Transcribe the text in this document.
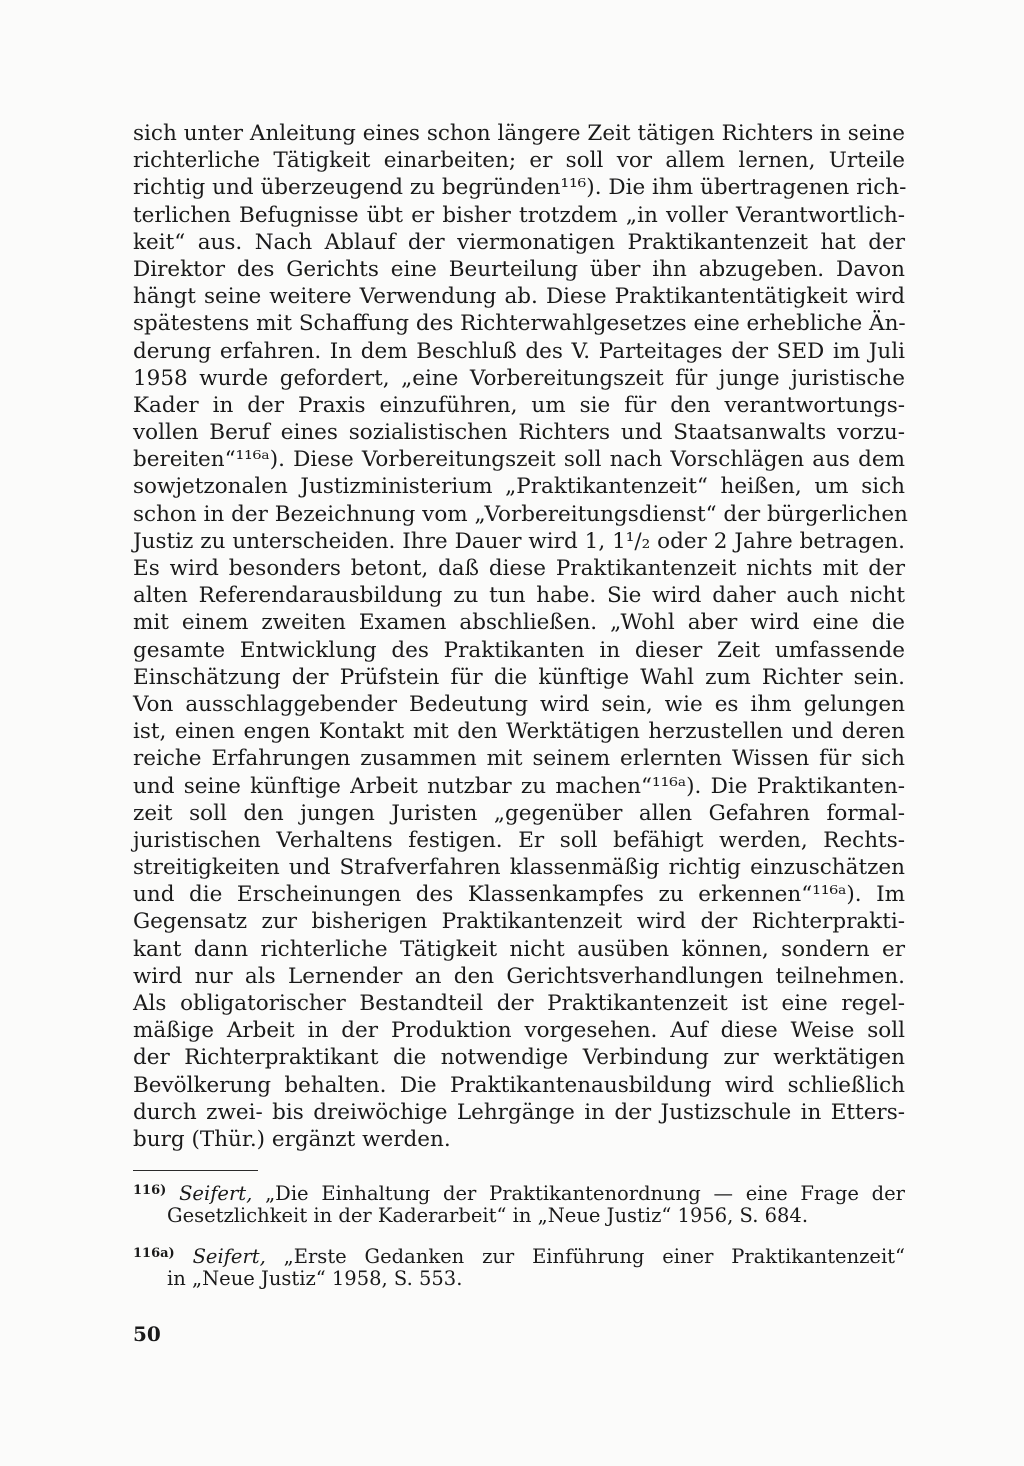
sich unter Anleitung eines schon längere Zeit tätigen Richters in seine
richterliche Tätigkeit einarbeiten; er soll vor allem lernen, Urteile
richtig und überzeugend zu begründen¹¹⁶). Die ihm übertragenen rich-
terlichen Befugnisse übt er bisher trotzdem „in voller Verantwortlich-
keit“ aus. Nach Ablauf der viermonatigen Praktikantenzeit hat der
Direktor des Gerichts eine Beurteilung über ihn abzugeben. Davon
hängt seine weitere Verwendung ab. Diese Praktikantentätigkeit wird
spätestens mit Schaffung des Richterwahlgesetzes eine erhebliche Än-
derung erfahren. In dem Beschluß des V. Parteitages der SED im Juli
1958 wurde gefordert, „eine Vorbereitungszeit für junge juristische
Kader in der Praxis einzuführen, um sie für den verantwortungs-
vollen Beruf eines sozialistischen Richters und Staatsanwalts vorzu-
bereiten“¹¹⁶ᵃ). Diese Vorbereitungszeit soll nach Vorschlägen aus dem
sowjetzonalen Justizministerium „Praktikantenzeit“ heißen, um sich
schon in der Bezeichnung vom „Vorbereitungsdienst“ der bürgerlichen
Justiz zu unterscheiden. Ihre Dauer wird 1, 1¹/₂ oder 2 Jahre betragen.
Es wird besonders betont, daß diese Praktikantenzeit nichts mit der
alten Referendarausbildung zu tun habe. Sie wird daher auch nicht
mit einem zweiten Examen abschließen. „Wohl aber wird eine die
gesamte Entwicklung des Praktikanten in dieser Zeit umfassende
Einschätzung der Prüfstein für die künftige Wahl zum Richter sein.
Von ausschlaggebender Bedeutung wird sein, wie es ihm gelungen
ist, einen engen Kontakt mit den Werktätigen herzustellen und deren
reiche Erfahrungen zusammen mit seinem erlernten Wissen für sich
und seine künftige Arbeit nutzbar zu machen“¹¹⁶ᵃ). Die Praktikanten-
zeit soll den jungen Juristen „gegenüber allen Gefahren formal-
juristischen Verhaltens festigen. Er soll befähigt werden, Rechts-
streitigkeiten und Strafverfahren klassenmäßig richtig einzuschätzen
und die Erscheinungen des Klassenkampfes zu erkennen“¹¹⁶ᵃ). Im
Gegensatz zur bisherigen Praktikantenzeit wird der Richterprakti-
kant dann richterliche Tätigkeit nicht ausüben können, sondern er
wird nur als Lernender an den Gerichtsverhandlungen teilnehmen.
Als obligatorischer Bestandteil der Praktikantenzeit ist eine regel-
mäßige Arbeit in der Produktion vorgesehen. Auf diese Weise soll
der Richterpraktikant die notwendige Verbindung zur werktätigen
Bevölkerung behalten. Die Praktikantenausbildung wird schließlich
durch zwei- bis dreiwöchige Lehrgänge in der Justizschule in Etters-
burg (Thür.) ergänzt werden.
$^{116)}$ Seifert, „Die Einhaltung der Praktikantenordnung — eine Frage der
Gesetzlichkeit in der Kaderarbeit“ in „Neue Justiz“ 1956, S. 684.
$^{116a)}$ Seifert, „Erste Gedanken zur Einführung einer Praktikantenzeit“
in „Neue Justiz“ 1958, S. 553.
50
